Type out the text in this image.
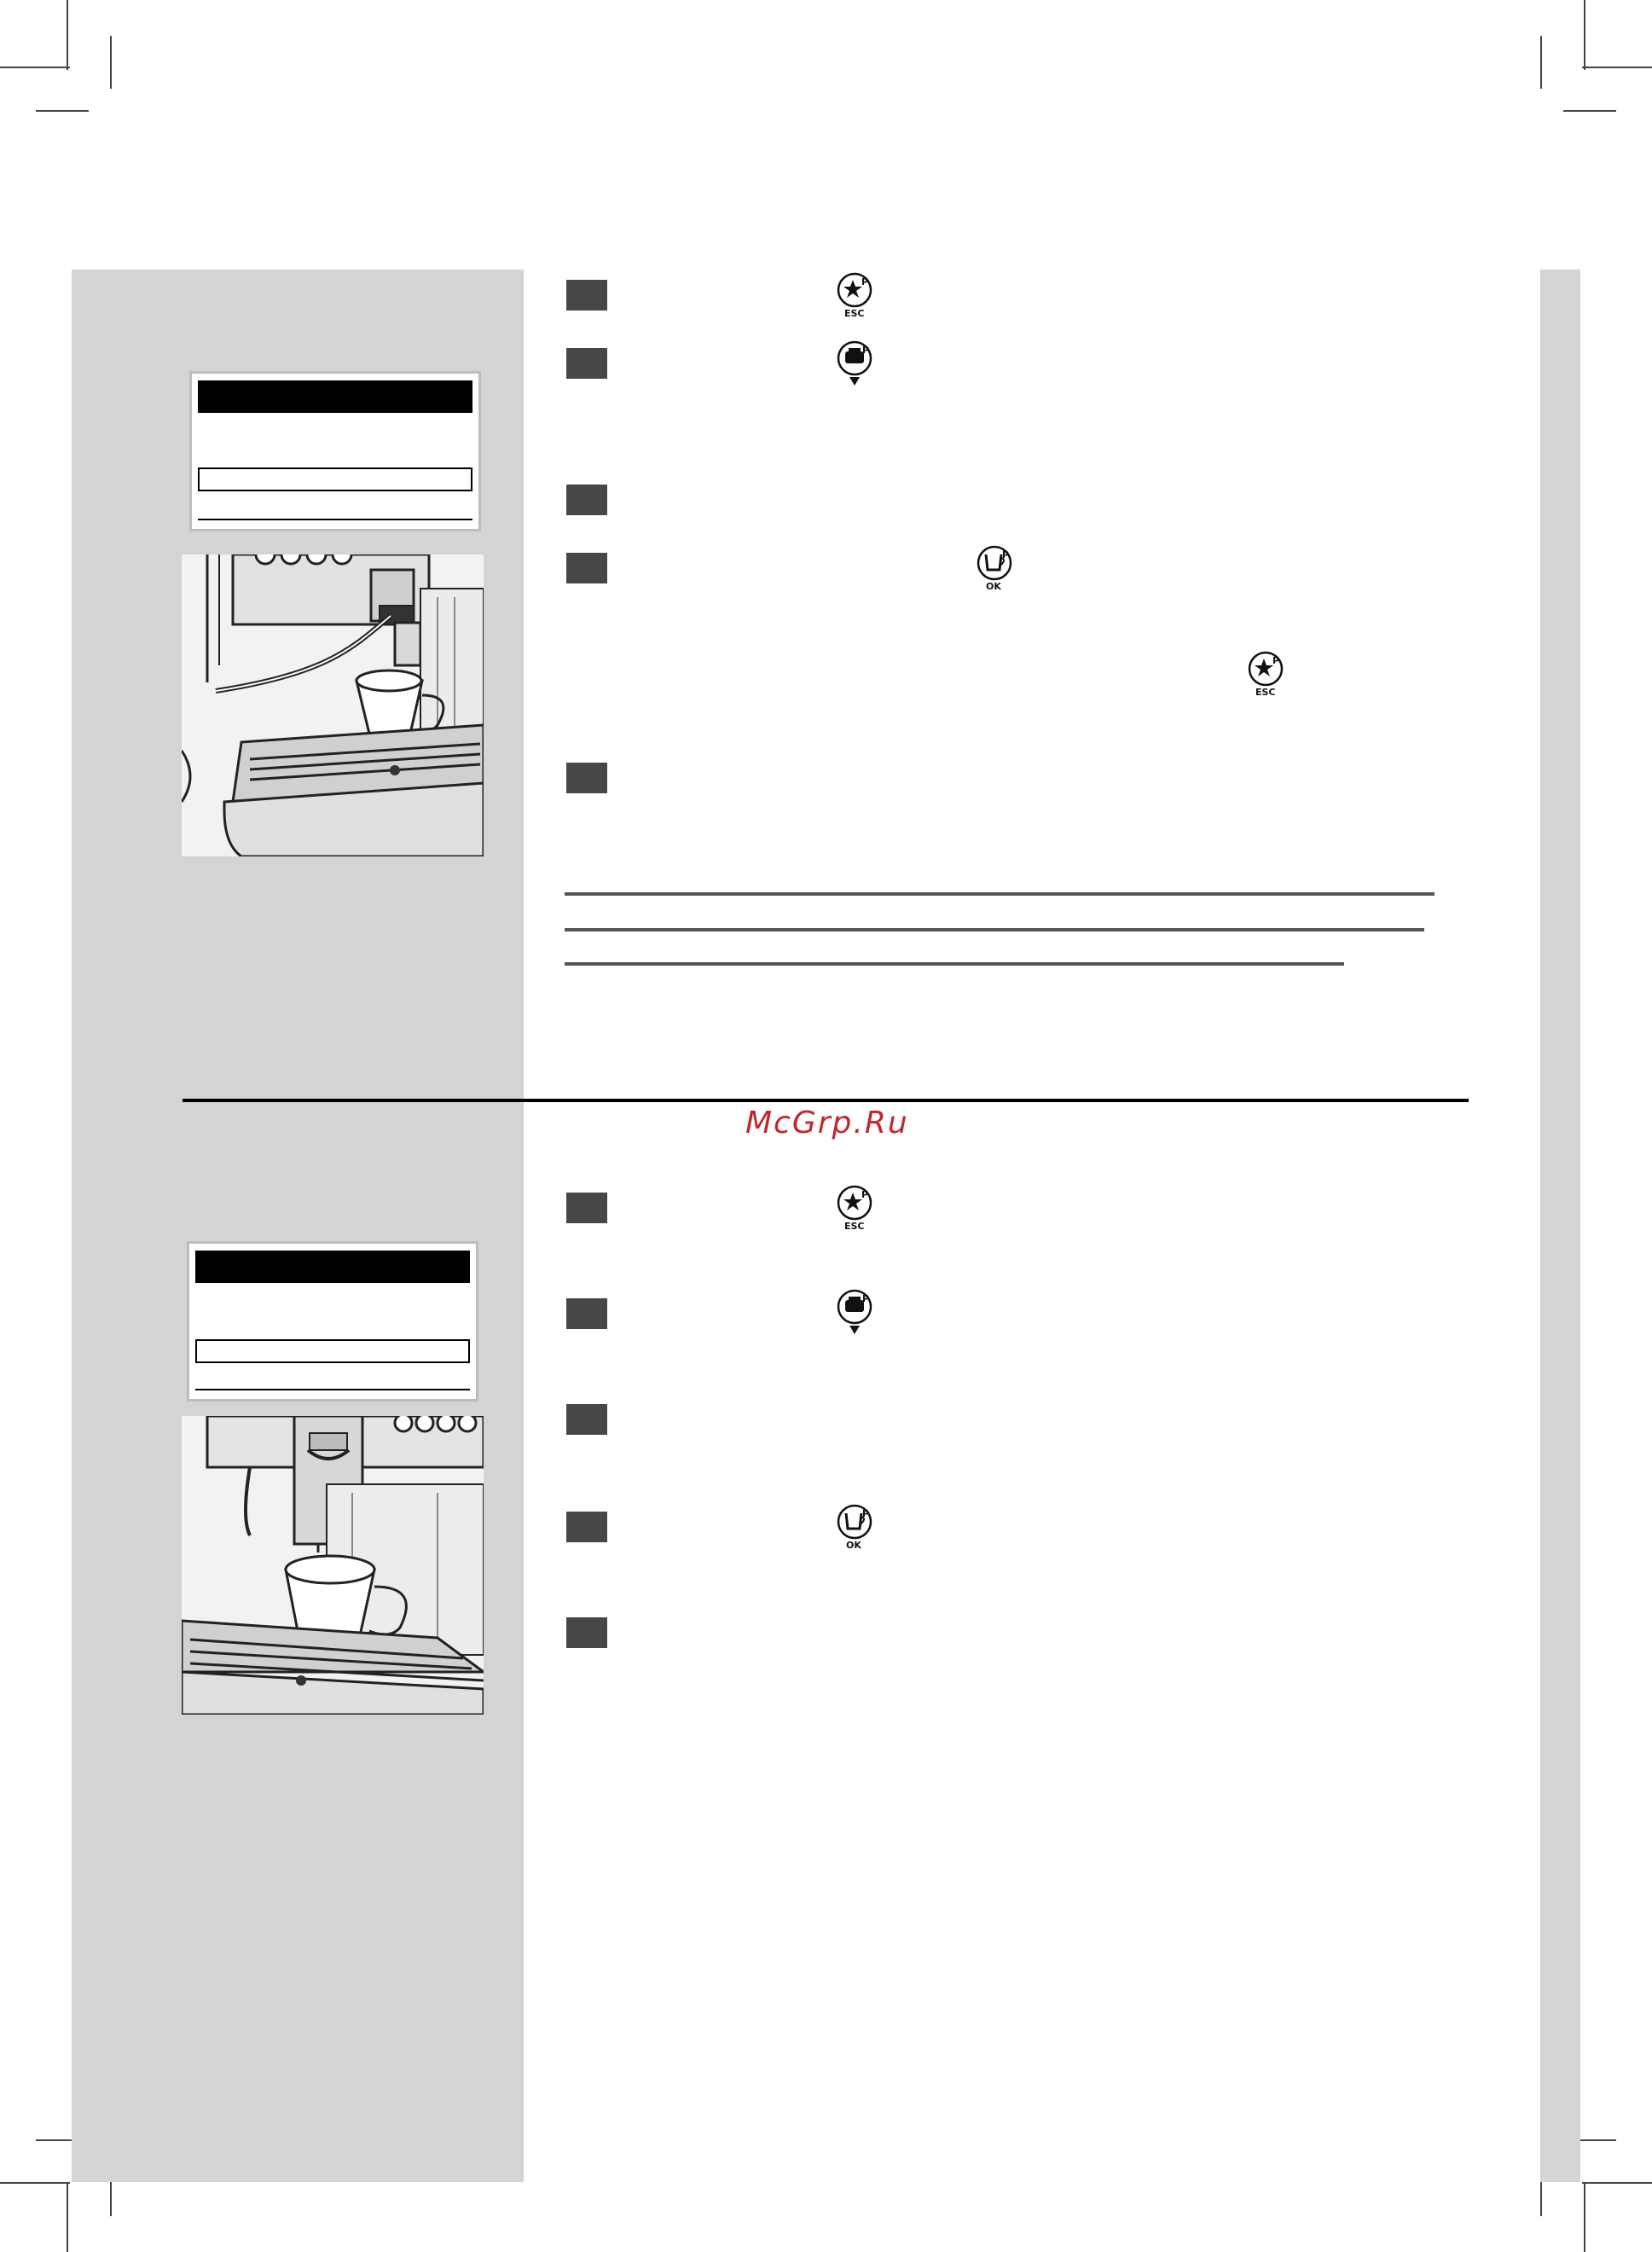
P
ESC
P
P
OK
P
ESC
McGrp.Ru
P
ESC
P
P
OK
